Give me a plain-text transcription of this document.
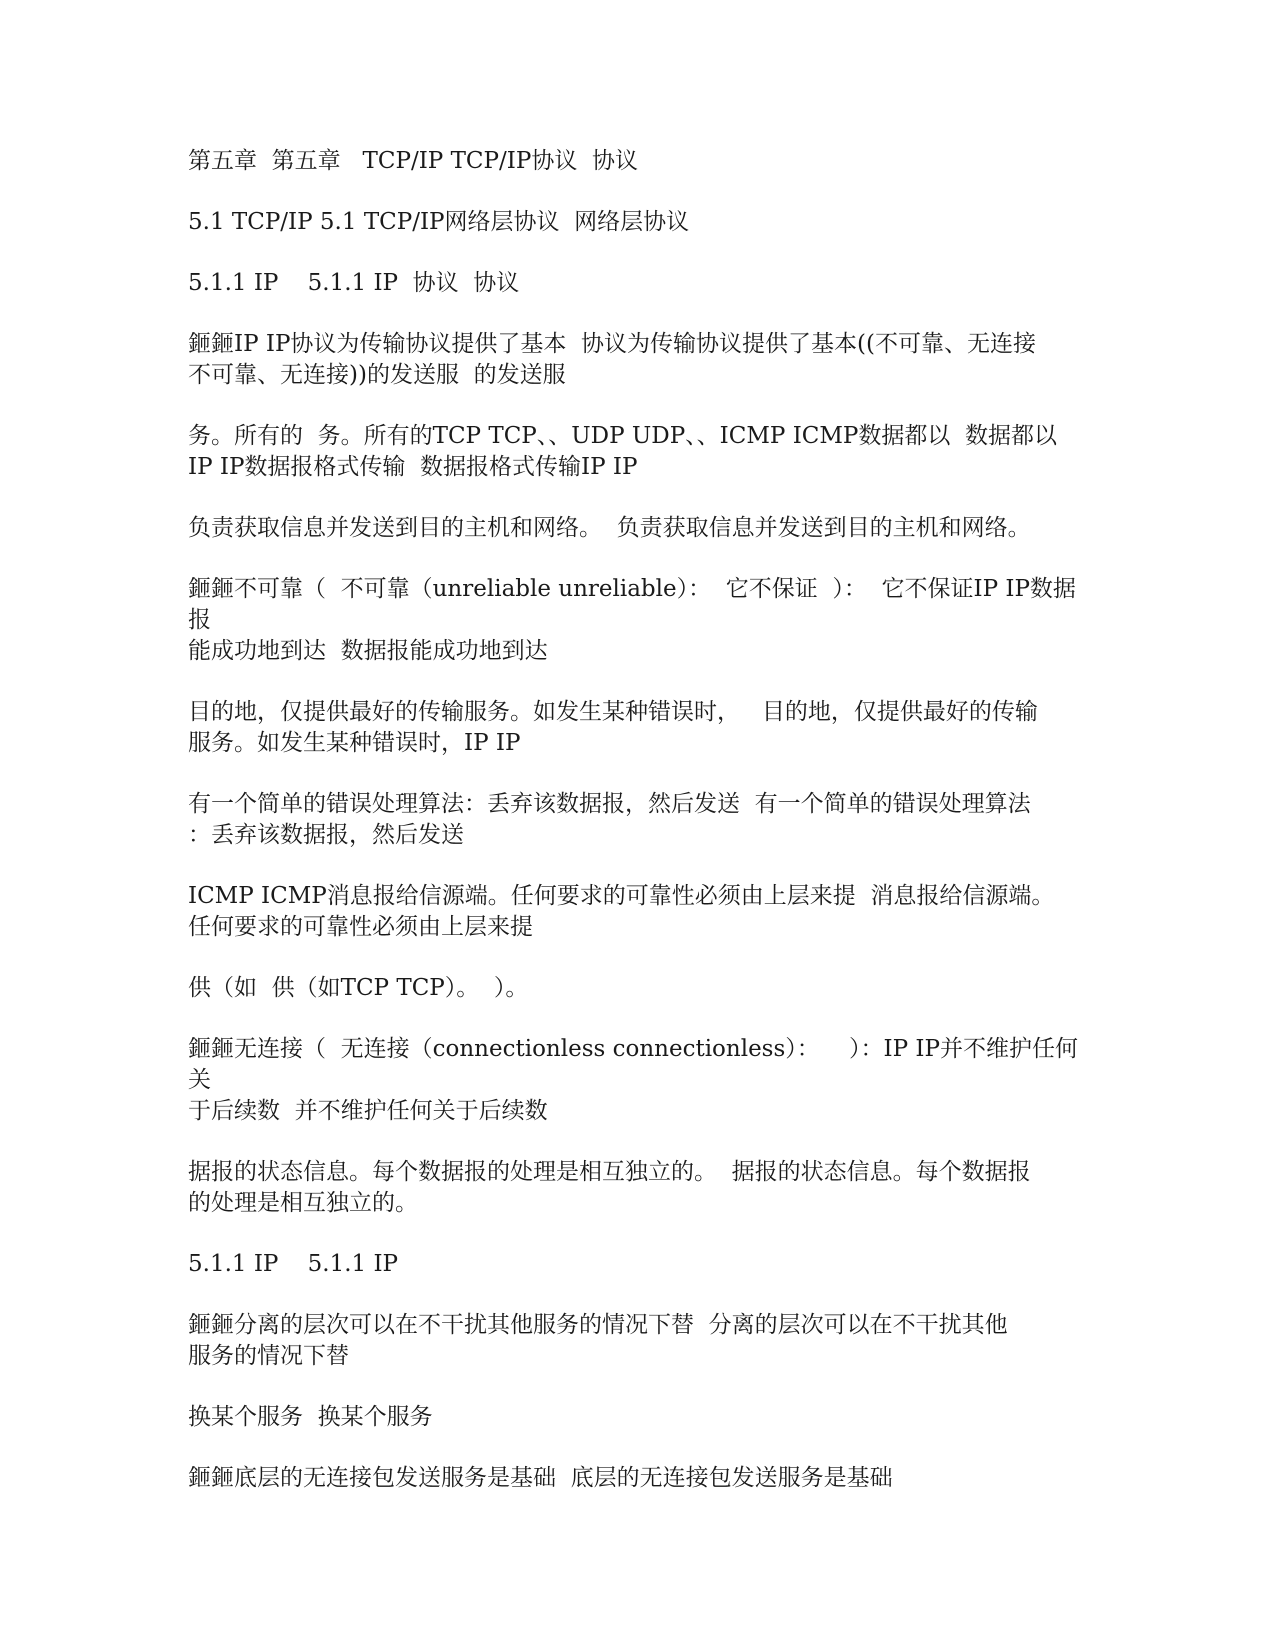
第五章  第五章   TCP/IP TCP/IP协议  协议

5.1 TCP/IP 5.1 TCP/IP网络层协议  网络层协议

5.1.1 IP    5.1.1 IP  协议  协议

鉔鉔IP IP协议为传输协议提供了基本  协议为传输协议提供了基本((不可靠、无连接
不可靠、无连接))的发送服  的发送服

务。所有的  务。所有的TCP TCP、、UDP UDP、、ICMP ICMP数据都以  数据都以
IP IP数据报格式传输  数据报格式传输IP IP

负责获取信息并发送到目的主机和网络。  负责获取信息并发送到目的主机和网络。

鉔鉔不可靠（  不可靠（unreliable unreliable）：  它不保证  ）：  它不保证IP IP数据报
能成功地到达  数据报能成功地到达

目的地，仅提供最好的传输服务。如发生某种错误时，   目的地，仅提供最好的传输
服务。如发生某种错误时，IP IP

有一个简单的错误处理算法：丢弃该数据报，然后发送  有一个简单的错误处理算法
：丢弃该数据报，然后发送

ICMP ICMP消息报给信源端。任何要求的可靠性必须由上层来提  消息报给信源端。
任何要求的可靠性必须由上层来提

供（如  供（如TCP TCP）。  ）。

鉔鉔无连接（  无连接（connectionless connectionless）：    ）：IP IP并不维护任何关
于后续数  并不维护任何关于后续数

据报的状态信息。每个数据报的处理是相互独立的。  据报的状态信息。每个数据报
的处理是相互独立的。

5.1.1 IP    5.1.1 IP

鉔鉔分离的层次可以在不干扰其他服务的情况下替  分离的层次可以在不干扰其他
服务的情况下替

换某个服务  换某个服务

鉔鉔底层的无连接包发送服务是基础  底层的无连接包发送服务是基础
